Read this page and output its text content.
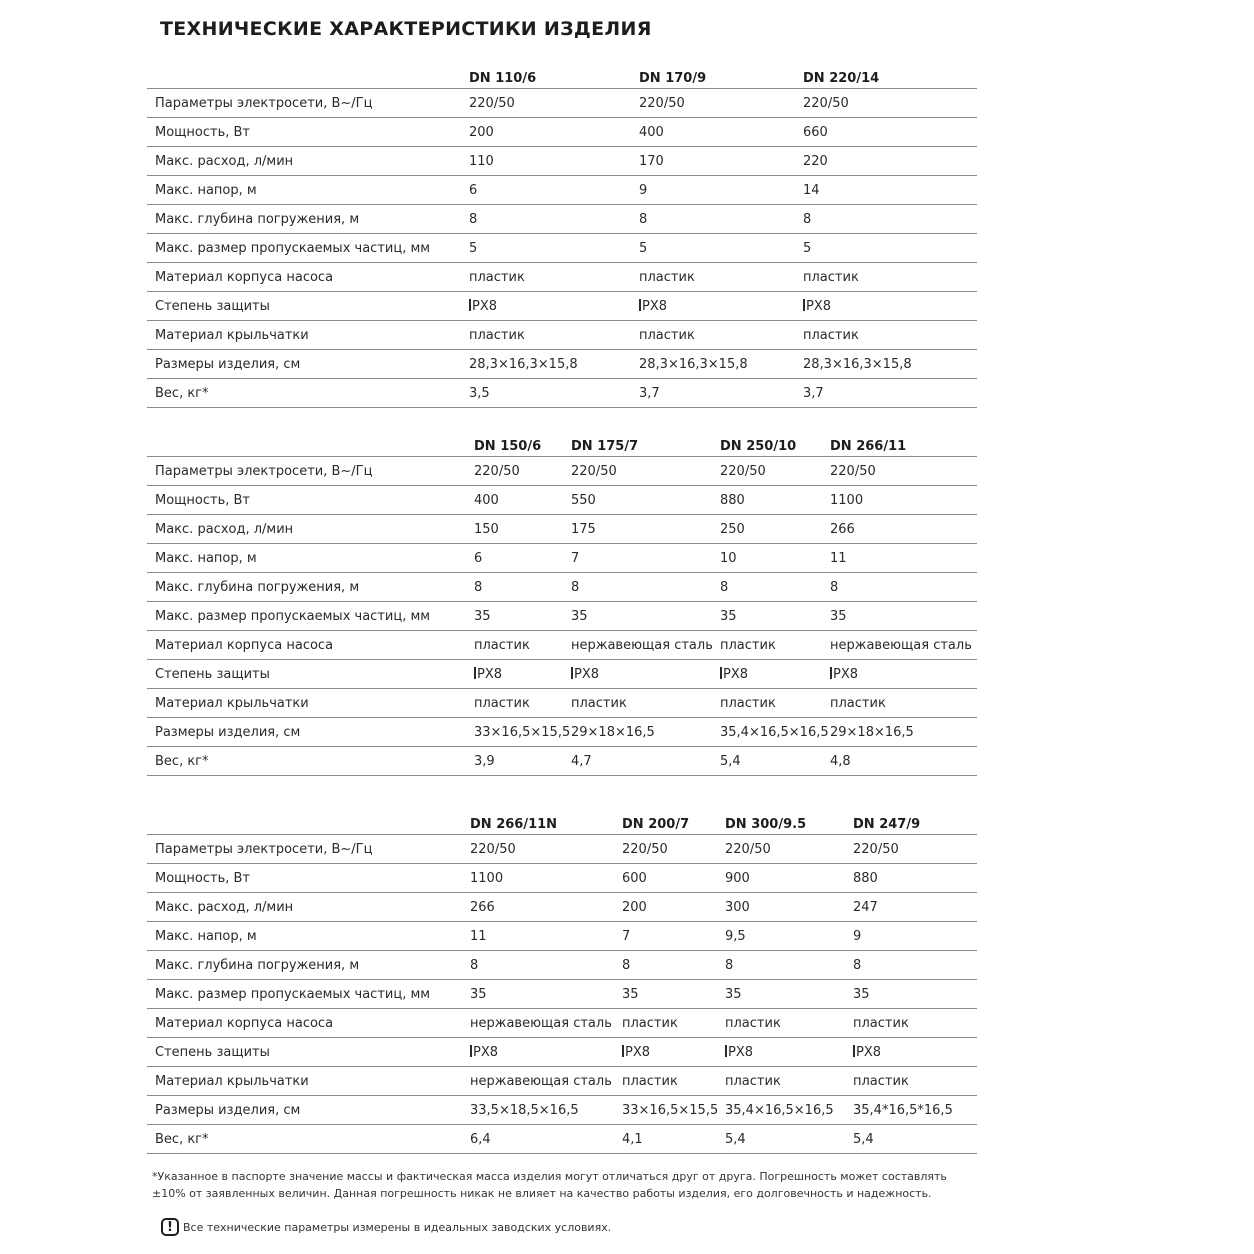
ТЕХНИЧЕСКИЕ ХАРАКТЕРИСТИКИ ИЗДЕЛИЯ
	DN 110/6	DN 170/9	DN 220/14
Параметры электросети, В~/Гц	220/50	220/50	220/50
Мощность, Вт	200	400	660
Макс. расход, л/мин	110	170	220
Макс. напор, м	6	9	14
Макс. глубина погружения, м	8	8	8
Макс. размер пропускаемых частиц, мм	5	5	5
Материал корпуса насоса	пластик	пластик	пластик
Степень защиты	PX8	PX8	PX8
Материал крыльчатки	пластик	пластик	пластик
Размеры изделия, см	28,3×16,3×15,8	28,3×16,3×15,8	28,3×16,3×15,8
Вес, кг*	3,5	3,7	3,7
	DN 150/6	DN 175/7	DN 250/10	DN 266/11
Параметры электросети, В~/Гц	220/50	220/50	220/50	220/50
Мощность, Вт	400	550	880	1100
Макс. расход, л/мин	150	175	250	266
Макс. напор, м	6	7	10	11
Макс. глубина погружения, м	8	8	8	8
Макс. размер пропускаемых частиц, мм	35	35	35	35
Материал корпуса насоса	пластик	нержавеющая сталь	пластик	нержавеющая сталь
Степень защиты	PX8	PX8	PX8	PX8
Материал крыльчатки	пластик	пластик	пластик	пластик
Размеры изделия, см	33×16,5×15,5	29×18×16,5	35,4×16,5×16,5	29×18×16,5
Вес, кг*	3,9	4,7	5,4	4,8
	DN 266/11N	DN 200/7	DN 300/9.5	DN 247/9
Параметры электросети, В~/Гц	220/50	220/50	220/50	220/50
Мощность, Вт	1100	600	900	880
Макс. расход, л/мин	266	200	300	247
Макс. напор, м	11	7	9,5	9
Макс. глубина погружения, м	8	8	8	8
Макс. размер пропускаемых частиц, мм	35	35	35	35
Материал корпуса насоса	нержавеющая сталь	пластик	пластик	пластик
Степень защиты	PX8	PX8	PX8	PX8
Материал крыльчатки	нержавеющая сталь	пластик	пластик	пластик
Размеры изделия, см	33,5×18,5×16,5	33×16,5×15,5	35,4×16,5×16,5	35,4*16,5*16,5
Вес, кг*	6,4	4,1	5,4	5,4
*Указанное в паспорте значение массы и фактическая масса изделия могут отличаться друг от друга. Погрешность может составлять
±10% от заявленных величин. Данная погрешность никак не влияет на качество работы изделия, его долговечность и надежность.
! Все технические параметры измерены в идеальных заводских условиях.
